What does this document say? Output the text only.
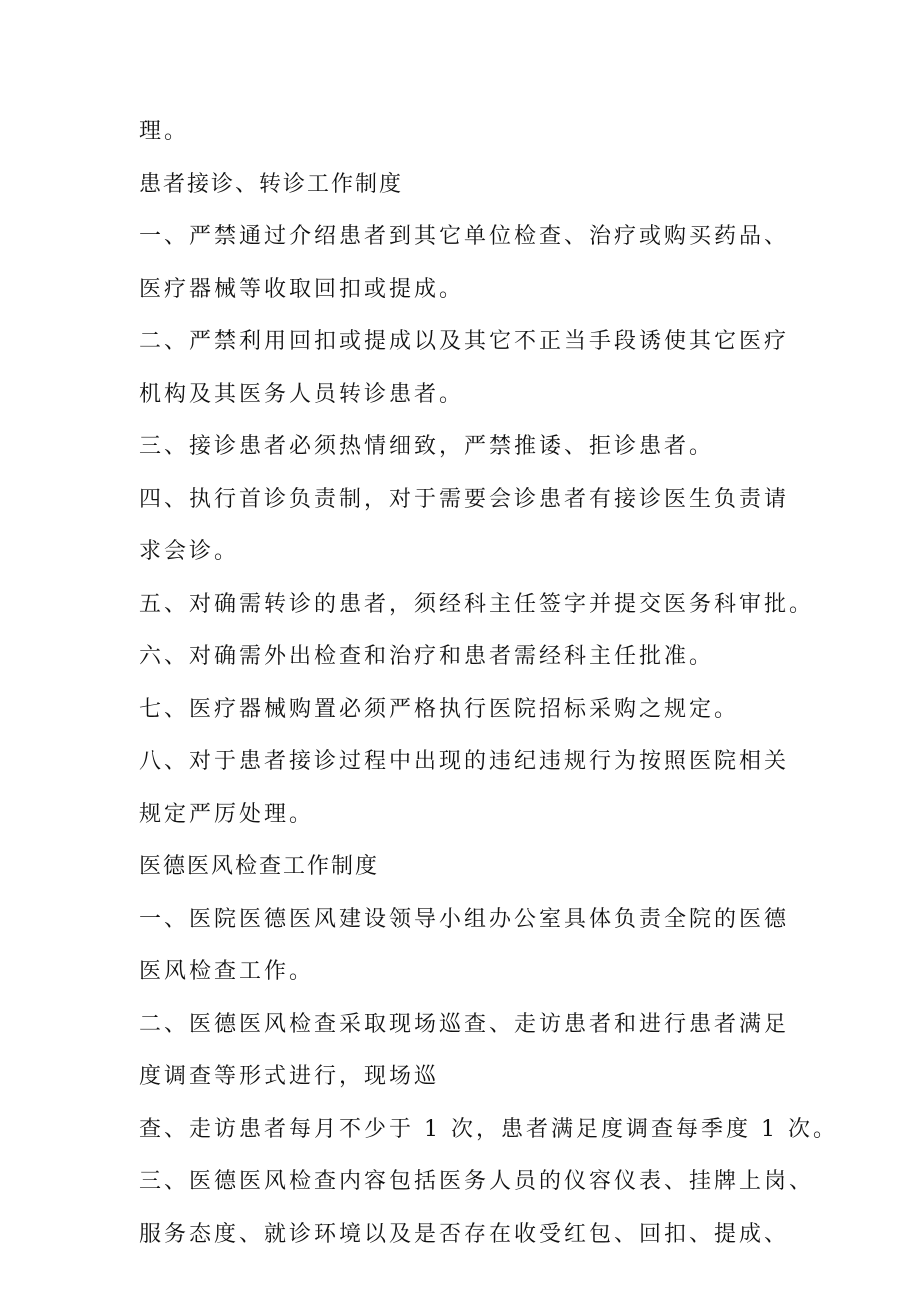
理。
患者接诊、转诊工作制度
一、严禁通过介绍患者到其它单位检查、治疗或购买药品、
医疗器械等收取回扣或提成。
二、严禁利用回扣或提成以及其它不正当手段诱使其它医疗
机构及其医务人员转诊患者。
三、接诊患者必须热情细致，严禁推诿、拒诊患者。
四、执行首诊负责制，对于需要会诊患者有接诊医生负责请
求会诊。
五、对确需转诊的患者，须经科主任签字并提交医务科审批。
六、对确需外出检查和治疗和患者需经科主任批准。
七、医疗器械购置必须严格执行医院招标采购之规定。
八、对于患者接诊过程中出现的违纪违规行为按照医院相关
规定严厉处理。
医德医风检查工作制度
一、医院医德医风建设领导小组办公室具体负责全院的医德
医风检查工作。
二、医德医风检查采取现场巡查、走访患者和进行患者满足
度调查等形式进行，现场巡
查、走访患者每月不少于 1 次，患者满足度调查每季度 1 次。
三、医德医风检查内容包括医务人员的仪容仪表、挂牌上岗、
服务态度、就诊环境以及是否存在收受红包、回扣、提成、
